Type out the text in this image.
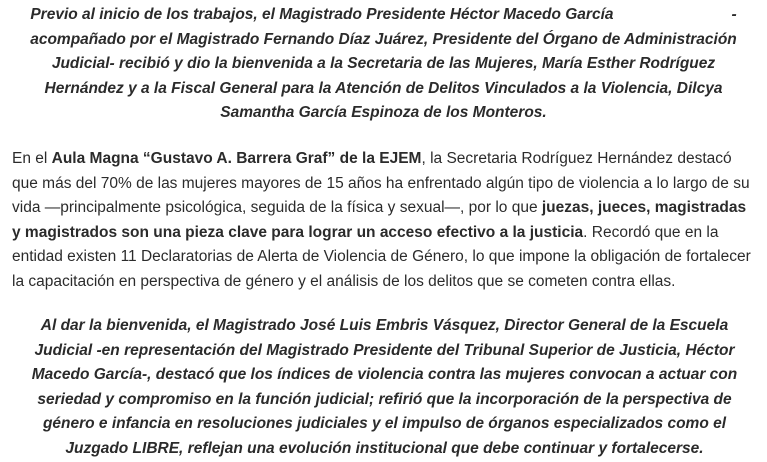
Previo al inicio de los trabajos, el Magistrado Presidente Héctor Macedo García	- acompañado por el Magistrado Fernando Díaz Juárez, Presidente del Órgano de Administración Judicial- recibió y dio la bienvenida a la Secretaria de las Mujeres, María Esther Rodríguez Hernández y a la Fiscal General para la Atención de Delitos Vinculados a la Violencia, Dilcya Samantha García Espinoza de los Monteros.

En el Aula Magna “Gustavo A. Barrera Graf” de la EJEM, la Secretaria Rodríguez Hernández destacó que más del 70% de las mujeres mayores de 15 años ha enfrentado algún tipo de violencia a lo largo de su vida —principalmente psicológica, seguida de la física y sexual—, por lo que juezas, jueces, magistradas y magistrados son una pieza clave para lograr un acceso efectivo a la justicia. Recordó que en la entidad existen 11 Declaratorias de Alerta de Violencia de Género, lo que impone la obligación de fortalecer la capacitación en perspectiva de género y el análisis de los delitos que se cometen contra ellas.

Al dar la bienvenida, el Magistrado José Luis Embris Vásquez, Director General de la Escuela Judicial -en representación del Magistrado Presidente del Tribunal Superior de Justicia, Héctor Macedo García-, destacó que los índices de violencia contra las mujeres convocan a actuar con seriedad y compromiso en la función judicial; refirió que la incorporación de la perspectiva de género e infancia en resoluciones judiciales y el impulso de órganos especializados como el Juzgado LIBRE, reflejan una evolución institucional que debe continuar y fortalecerse.
